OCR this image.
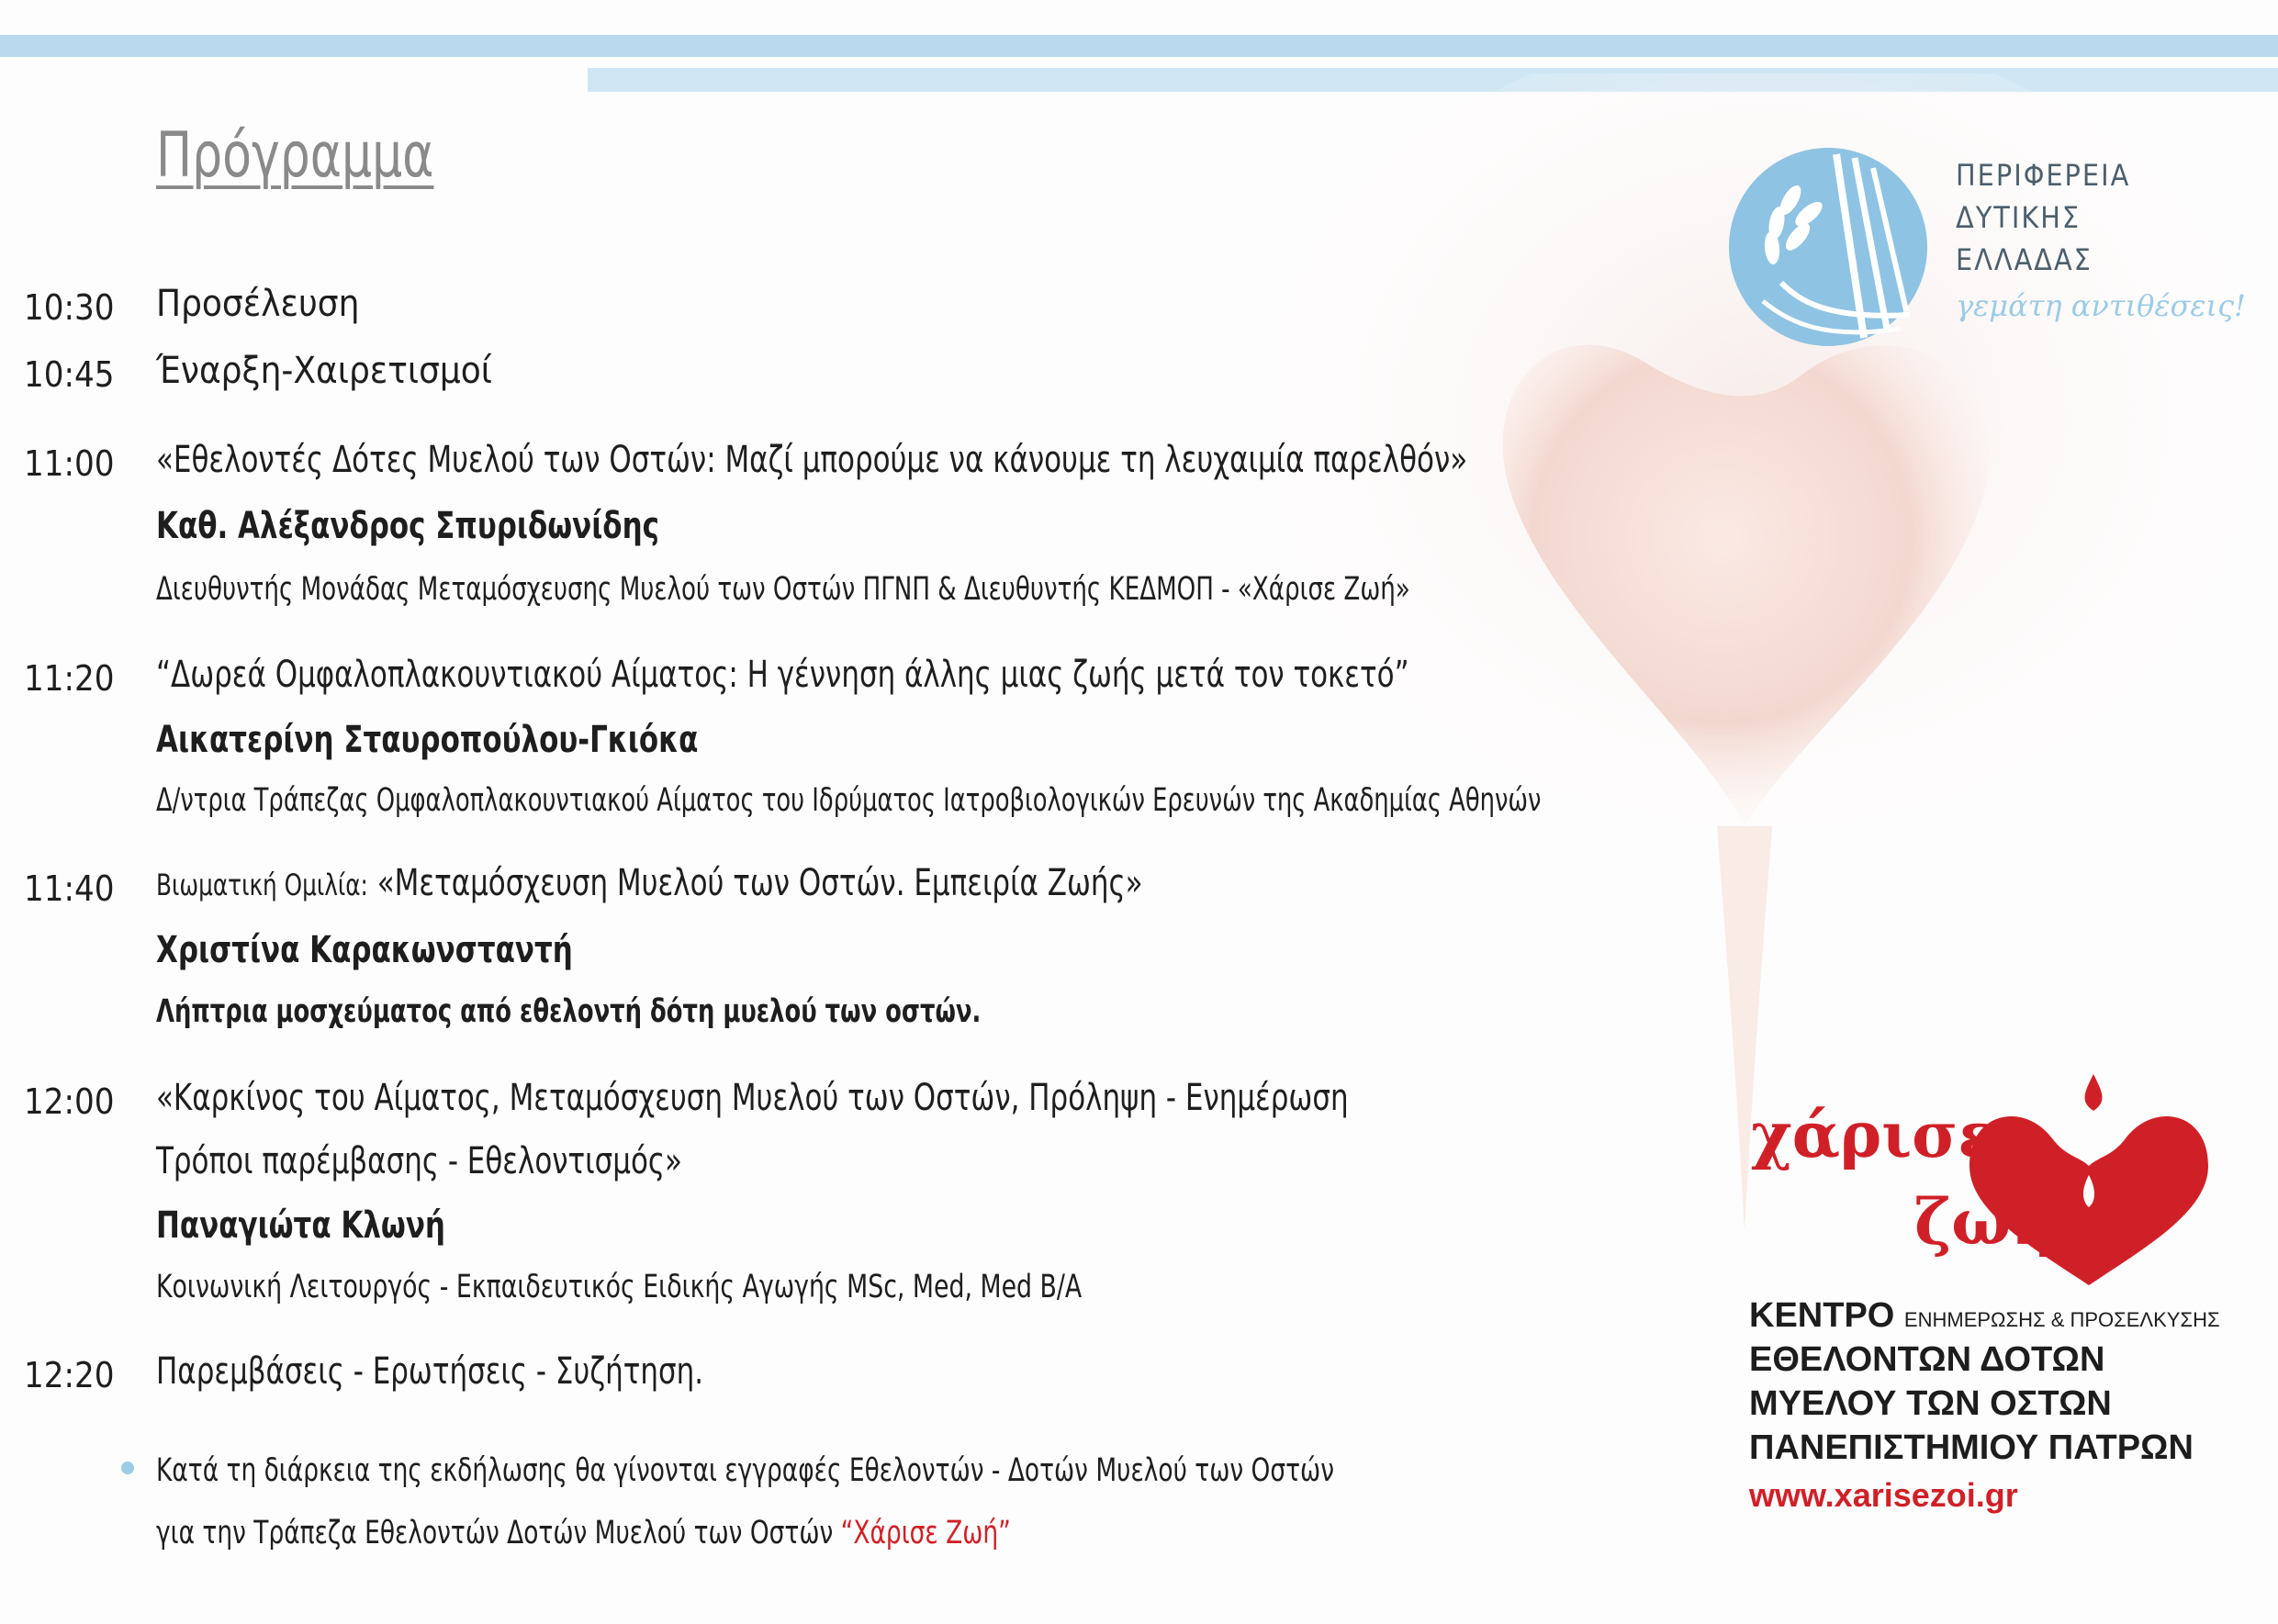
Πρόγραμμα
10:30 Προσέλευση
10:45 Έναρξη-Χαιρετισμοί
11:00 «Εθελοντές Δότες Μυελού των Οστών: Μαζί μπορούμε να κάνουμε τη λευχαιμία παρελθόν»
Καθ. Αλέξανδρος Σπυριδωνίδης
Διευθυντής Μονάδας Μεταμόσχευσης Μυελού των Οστών ΠΓΝΠ & Διευθυντής ΚΕΔΜΟΠ - «Χάρισε Ζωή»
11:20 “Δωρεά Ομφαλοπλακουντιακού Αίματος: Η γέννηση άλλης μιας ζωής μετά τον τοκετό”
Αικατερίνη Σταυροπούλου-Γκιόκα
Δ/ντρια Τράπεζας Ομφαλοπλακουντιακού Αίματος του Ιδρύματος Ιατροβιολογικών Ερευνών της Ακαδημίας Αθηνών
11:40 Βιωματική Ομιλία: «Μεταμόσχευση Μυελού των Οστών. Εμπειρία Ζωής»
Χριστίνα Καρακωνσταντή
Λήπτρια μοσχεύματος από εθελοντή δότη μυελού των οστών.
12:00 «Καρκίνος του Αίματος, Μεταμόσχευση Μυελού των Οστών, Πρόληψη - Ενημέρωση
Τρόποι παρέμβασης - Εθελοντισμός»
Παναγιώτα Κλωνή
Κοινωνική Λειτουργός - Εκπαιδευτικός Ειδικής Αγωγής MSc, Med, Med B/A
12:20 Παρεμβάσεις - Ερωτήσεις - Συζήτηση.
Κατά τη διάρκεια της εκδήλωσης θα γίνονται εγγραφές Εθελοντών - Δοτών Μυελού των Οστών
για την Τράπεζα Εθελοντών Δοτών Μυελού των Οστών “Χάρισε Ζωή”
ΠΕΡΙΦΕΡΕΙΑ
ΔΥΤΙΚΗΣ
ΕΛΛΑΔΑΣ
γεμάτη αντιθέσεις!
χάρισε
ζωή
ΚΕΝΤΡΟ ΕΝΗΜΕΡΩΣΗΣ & ΠΡΟΣΕΛΚΥΣΗΣ
ΕΘΕΛΟΝΤΩΝ ΔΟΤΩΝ
ΜΥΕΛΟΥ ΤΩΝ ΟΣΤΩΝ
ΠΑΝΕΠΙΣΤΗΜΙΟΥ ΠΑΤΡΩΝ
www.xarisezoi.gr
